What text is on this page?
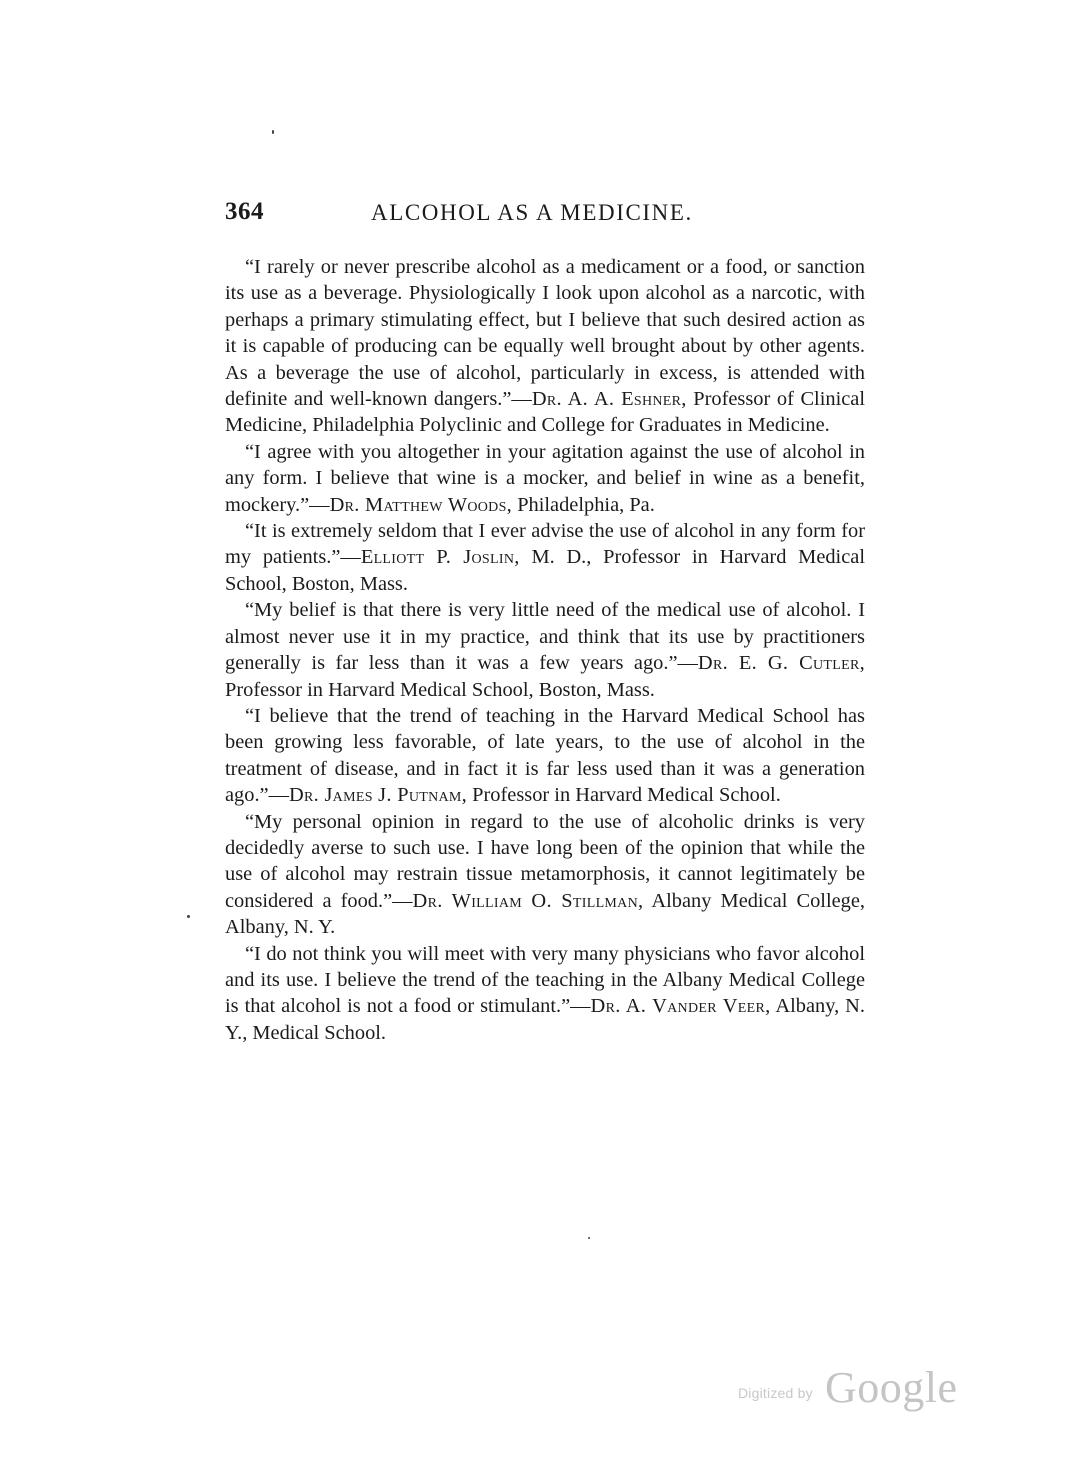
364	ALCOHOL AS A MEDICINE.

“I rarely or never prescribe alcohol as a medicament or a food, or sanction its use as a beverage. Physiologically I look upon alcohol as a narcotic, with perhaps a primary stimulating effect, but I believe that such desired action as it is capable of producing can be equally well brought about by other agents. As a beverage the use of alcohol, particularly in excess, is attended with definite and well-known dangers.”—Dr. A. A. Eshner, Professor of Clinical Medicine, Philadelphia Polyclinic and College for Graduates in Medicine.

“I agree with you altogether in your agitation against the use of alcohol in any form. I believe that wine is a mocker, and belief in wine as a benefit, mockery.”—Dr. Matthew Woods, Philadelphia, Pa.

“It is extremely seldom that I ever advise the use of alcohol in any form for my patients.”—Elliott P. Joslin, M. D., Professor in Harvard Medical School, Boston, Mass.

“My belief is that there is very little need of the medical use of alcohol. I almost never use it in my practice, and think that its use by practitioners generally is far less than it was a few years ago.”—Dr. E. G. Cutler, Professor in Harvard Medical School, Boston, Mass.

“I believe that the trend of teaching in the Harvard Medical School has been growing less favorable, of late years, to the use of alcohol in the treatment of disease, and in fact it is far less used than it was a generation ago.”—Dr. James J. Putnam, Professor in Harvard Medical School.

“My personal opinion in regard to the use of alcoholic drinks is very decidedly averse to such use. I have long been of the opinion that while the use of alcohol may restrain tissue metamorphosis, it cannot legitimately be considered a food.”—Dr. William O. Stillman, Albany Medical College, Albany, N. Y.

“I do not think you will meet with very many physicians who favor alcohol and its use. I believe the trend of the teaching in the Albany Medical College is that alcohol is not a food or stimulant.”—Dr. A. Vander Veer, Albany, N. Y., Medical School.

Digitized by Google
